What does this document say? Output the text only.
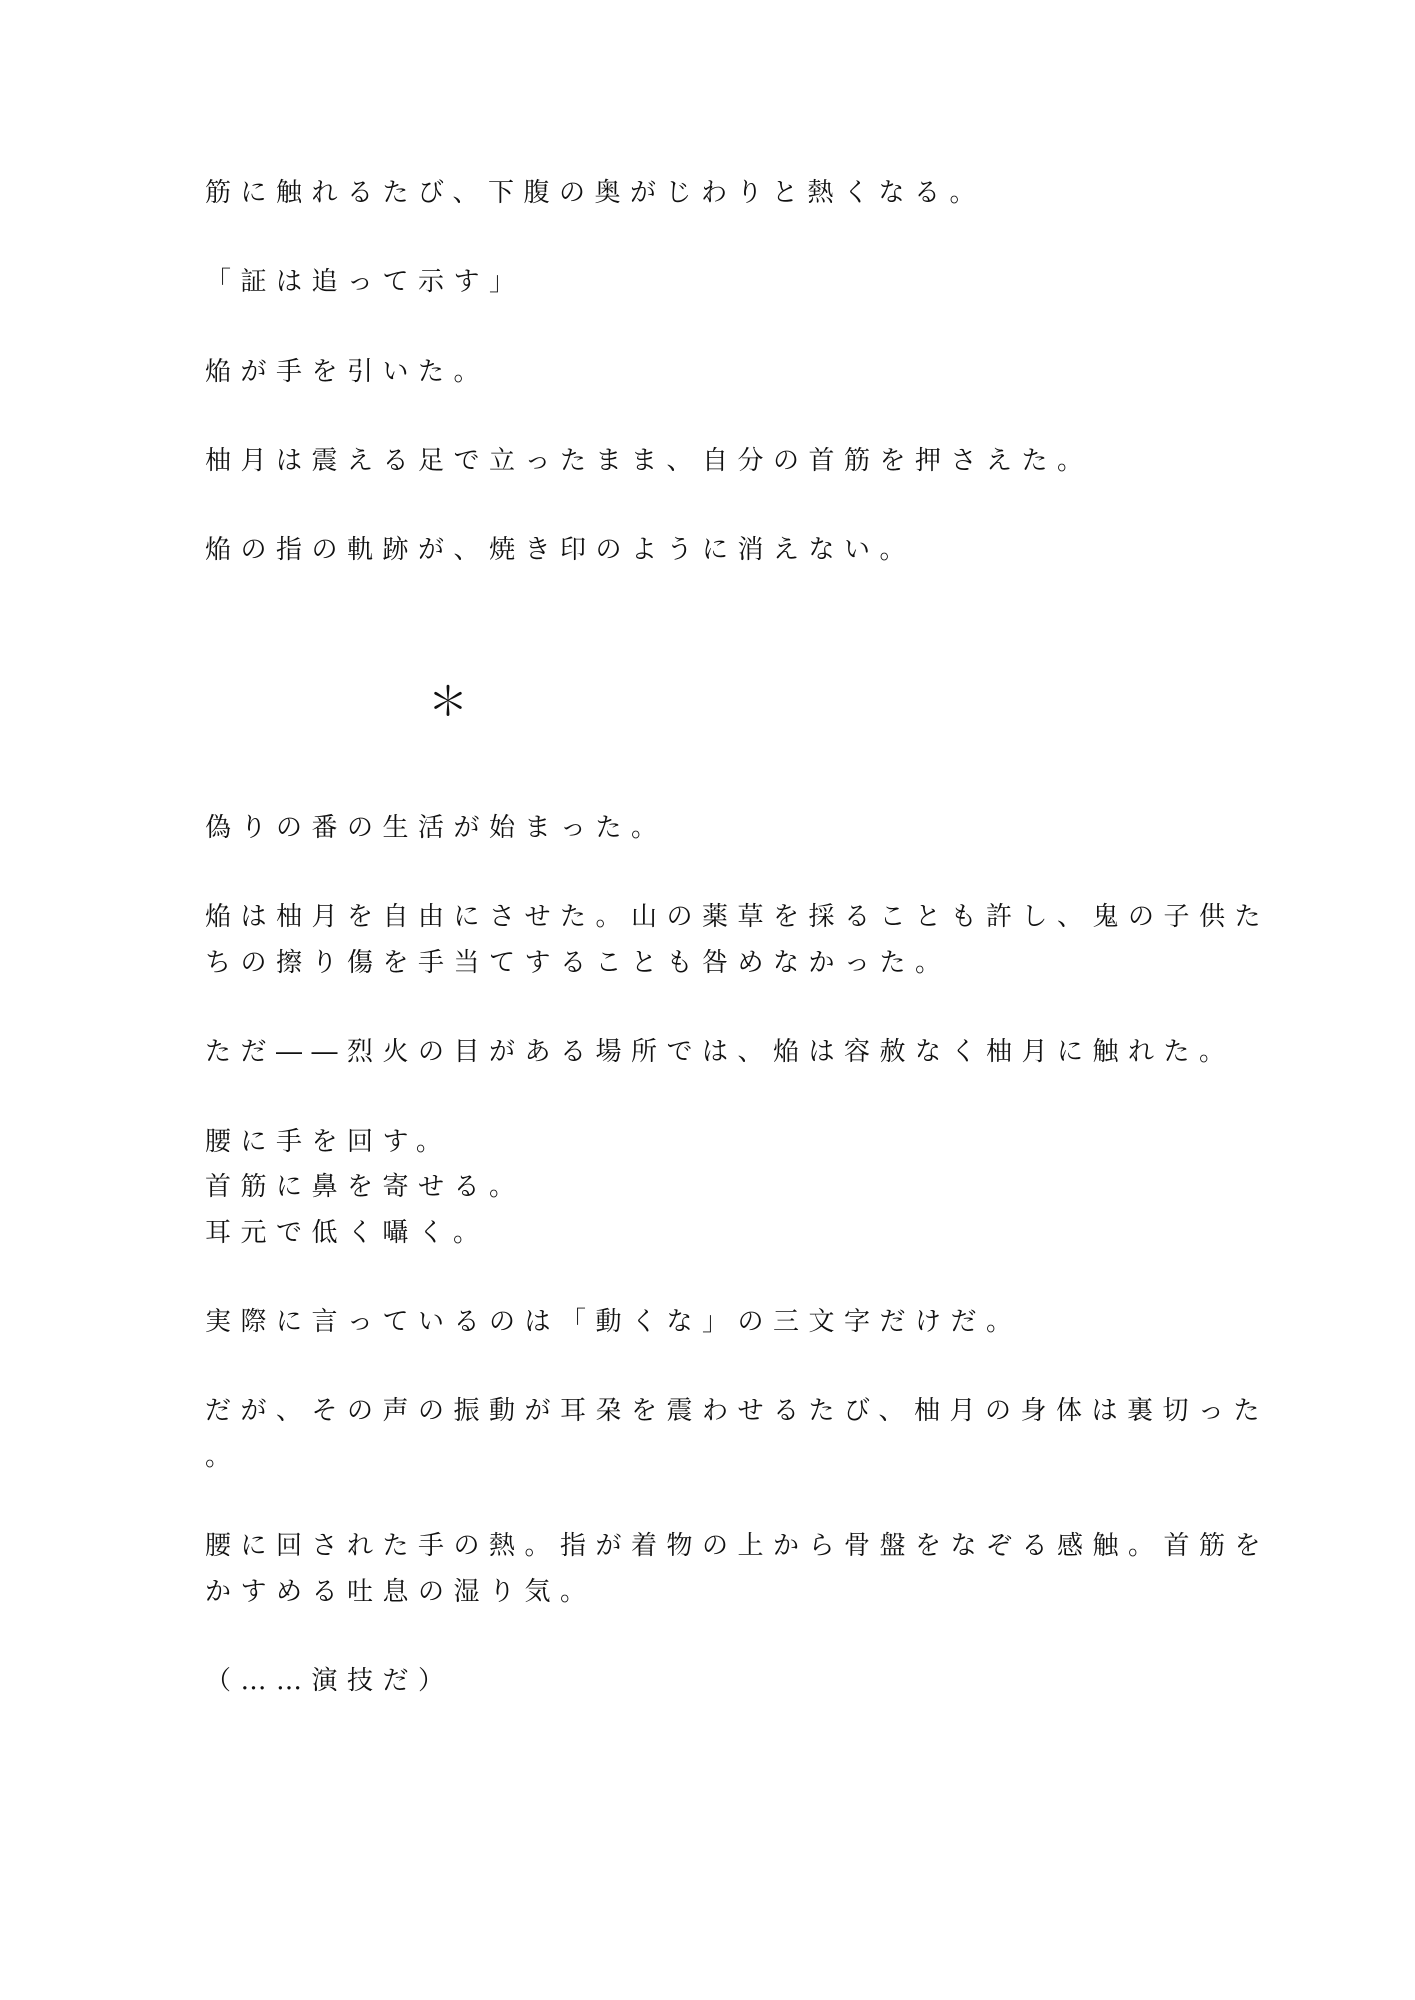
筋に触れるたび、下腹の奥がじわりと熱くなる。
「証は追って示す」
焔が手を引いた。
柚月は震える足で立ったまま、自分の首筋を押さえた。
焔の指の軌跡が、焼き印のように消えない。
＊
偽りの番の生活が始まった。
焔は柚月を自由にさせた。山の薬草を採ることも許し、鬼の子供た
ちの擦り傷を手当てすることも咎めなかった。
ただ――烈火の目がある場所では、焔は容赦なく柚月に触れた。
腰に手を回す。
首筋に鼻を寄せる。
耳元で低く囁く。
実際に言っているのは「動くな」の三文字だけだ。
だが、その声の振動が耳朶を震わせるたび、柚月の身体は裏切った
。
腰に回された手の熱。指が着物の上から骨盤をなぞる感触。首筋を
かすめる吐息の湿り気。
（……演技だ）
